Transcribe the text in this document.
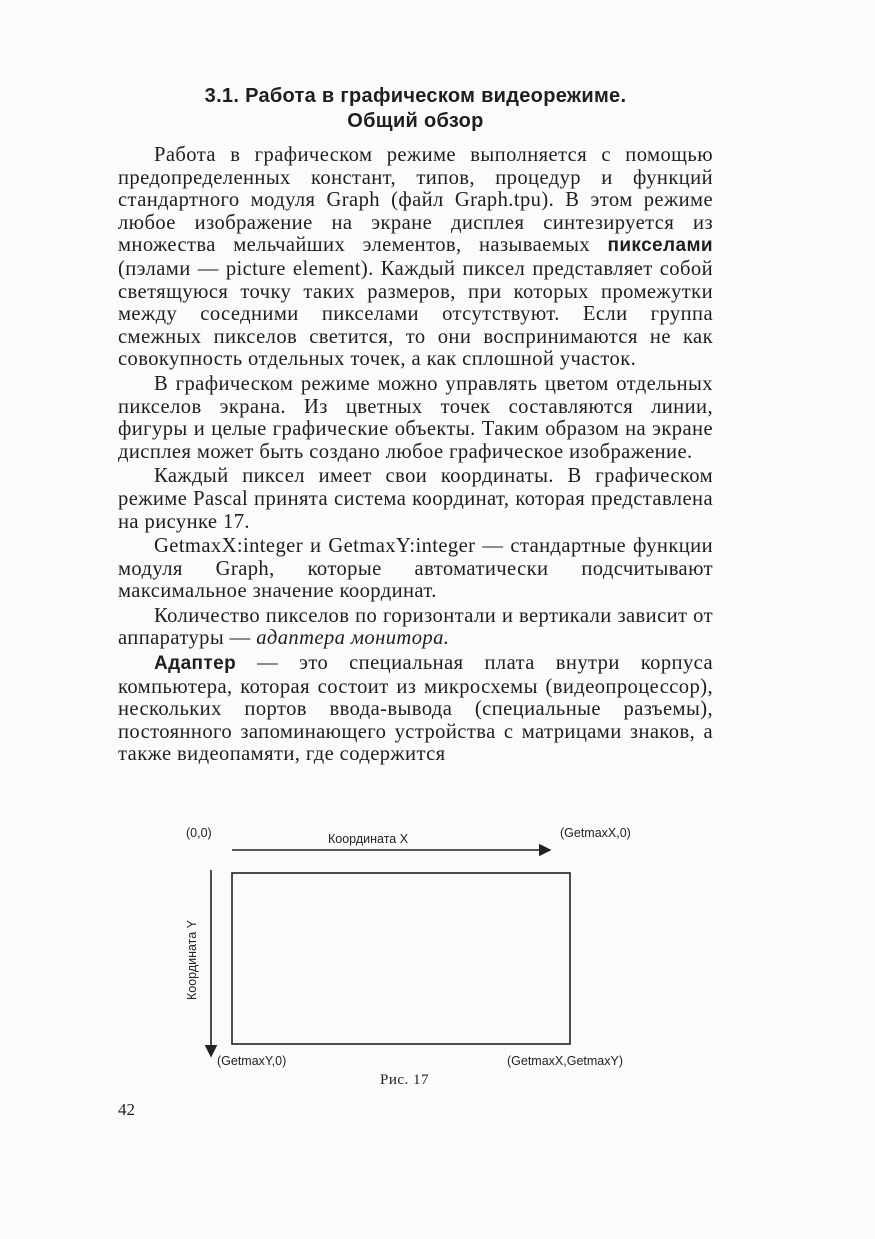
3.1. Работа в графическом видеорежиме.
Общий обзор

Работа в графическом режиме выполняется с помощью предопределенных констант, типов, процедур и функций стандартного модуля Graph (файл Graph.tpu). В этом режиме любое изображение на экране дисплея синтезируется из множества мельчайших элементов, называемых пикселами (пэлами — picture element). Каждый пиксел представляет собой светящуюся точку таких размеров, при которых промежутки между соседними пикселами отсутствуют. Если группа смежных пикселов светится, то они воспринимаются не как совокупность отдельных точек, а как сплошной участок.

В графическом режиме можно управлять цветом отдельных пикселов экрана. Из цветных точек составляются линии, фигуры и целые графические объекты. Таким образом на экране дисплея может быть создано любое графическое изображение.

Каждый пиксел имеет свои координаты. В графическом режиме Pascal принята система координат, которая представлена на рисунке 17.

GetmaxX:integer и GetmaxY:integer — стандартные функции модуля Graph, которые автоматически подсчитывают максимальное значение координат.

Количество пикселов по горизонтали и вертикали зависит от аппаратуры — адаптера монитора.

Адаптер — это специальная плата внутри корпуса компьютера, которая состоит из микросхемы (видеопроцессор), нескольких портов ввода-вывода (специальные разъемы), постоянного запоминающего устройства с матрицами знаков, а также видеопамяти, где содержится

(0,0)	Координата X	(GetmaxX,0)
Координата Y
(GetmaxY,0)	(GetmaxX,GetmaxY)
Рис. 17
42
